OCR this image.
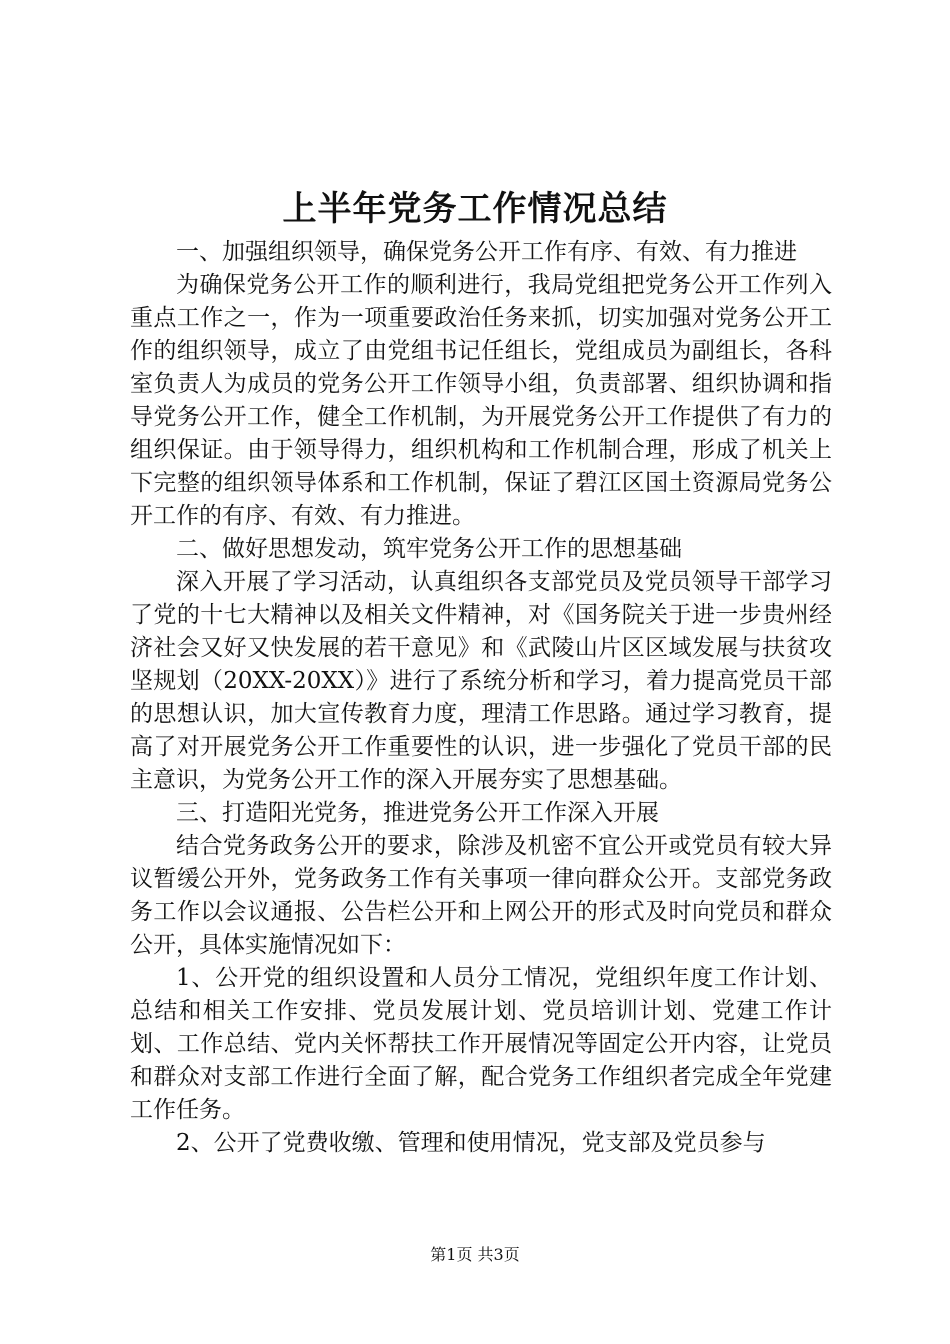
上半年党务工作情况总结

一、加强组织领导，确保党务公开工作有序、有效、有力推进

为确保党务公开工作的顺利进行，我局党组把党务公开工作列入重点工作之一，作为一项重要政治任务来抓，切实加强对党务公开工作的组织领导，成立了由党组书记任组长，党组成员为副组长，各科室负责人为成员的党务公开工作领导小组，负责部署、组织协调和指导党务公开工作，健全工作机制，为开展党务公开工作提供了有力的组织保证。由于领导得力，组织机构和工作机制合理，形成了机关上下完整的组织领导体系和工作机制，保证了碧江区国土资源局党务公开工作的有序、有效、有力推进。

二、做好思想发动，筑牢党务公开工作的思想基础

深入开展了学习活动，认真组织各支部党员及党员领导干部学习了党的十七大精神以及相关文件精神，对《国务院关于进一步贵州经济社会又好又快发展的若干意见》和《武陵山片区区域发展与扶贫攻坚规划（20XX-20XX）》进行了系统分析和学习，着力提高党员干部的思想认识，加大宣传教育力度，理清工作思路。通过学习教育，提高了对开展党务公开工作重要性的认识，进一步强化了党员干部的民主意识，为党务公开工作的深入开展夯实了思想基础。

三、打造阳光党务，推进党务公开工作深入开展

结合党务政务公开的要求，除涉及机密不宜公开或党员有较大异议暂缓公开外，党务政务工作有关事项一律向群众公开。支部党务政务工作以会议通报、公告栏公开和上网公开的形式及时向党员和群众公开，具体实施情况如下：

1、公开党的组织设置和人员分工情况，党组织年度工作计划、总结和相关工作安排、党员发展计划、党员培训计划、党建工作计划、工作总结、党内关怀帮扶工作开展情况等固定公开内容，让党员和群众对支部工作进行全面了解，配合党务工作组织者完成全年党建工作任务。

2、公开了党费收缴、管理和使用情况，党支部及党员参与

第1页 共3页
